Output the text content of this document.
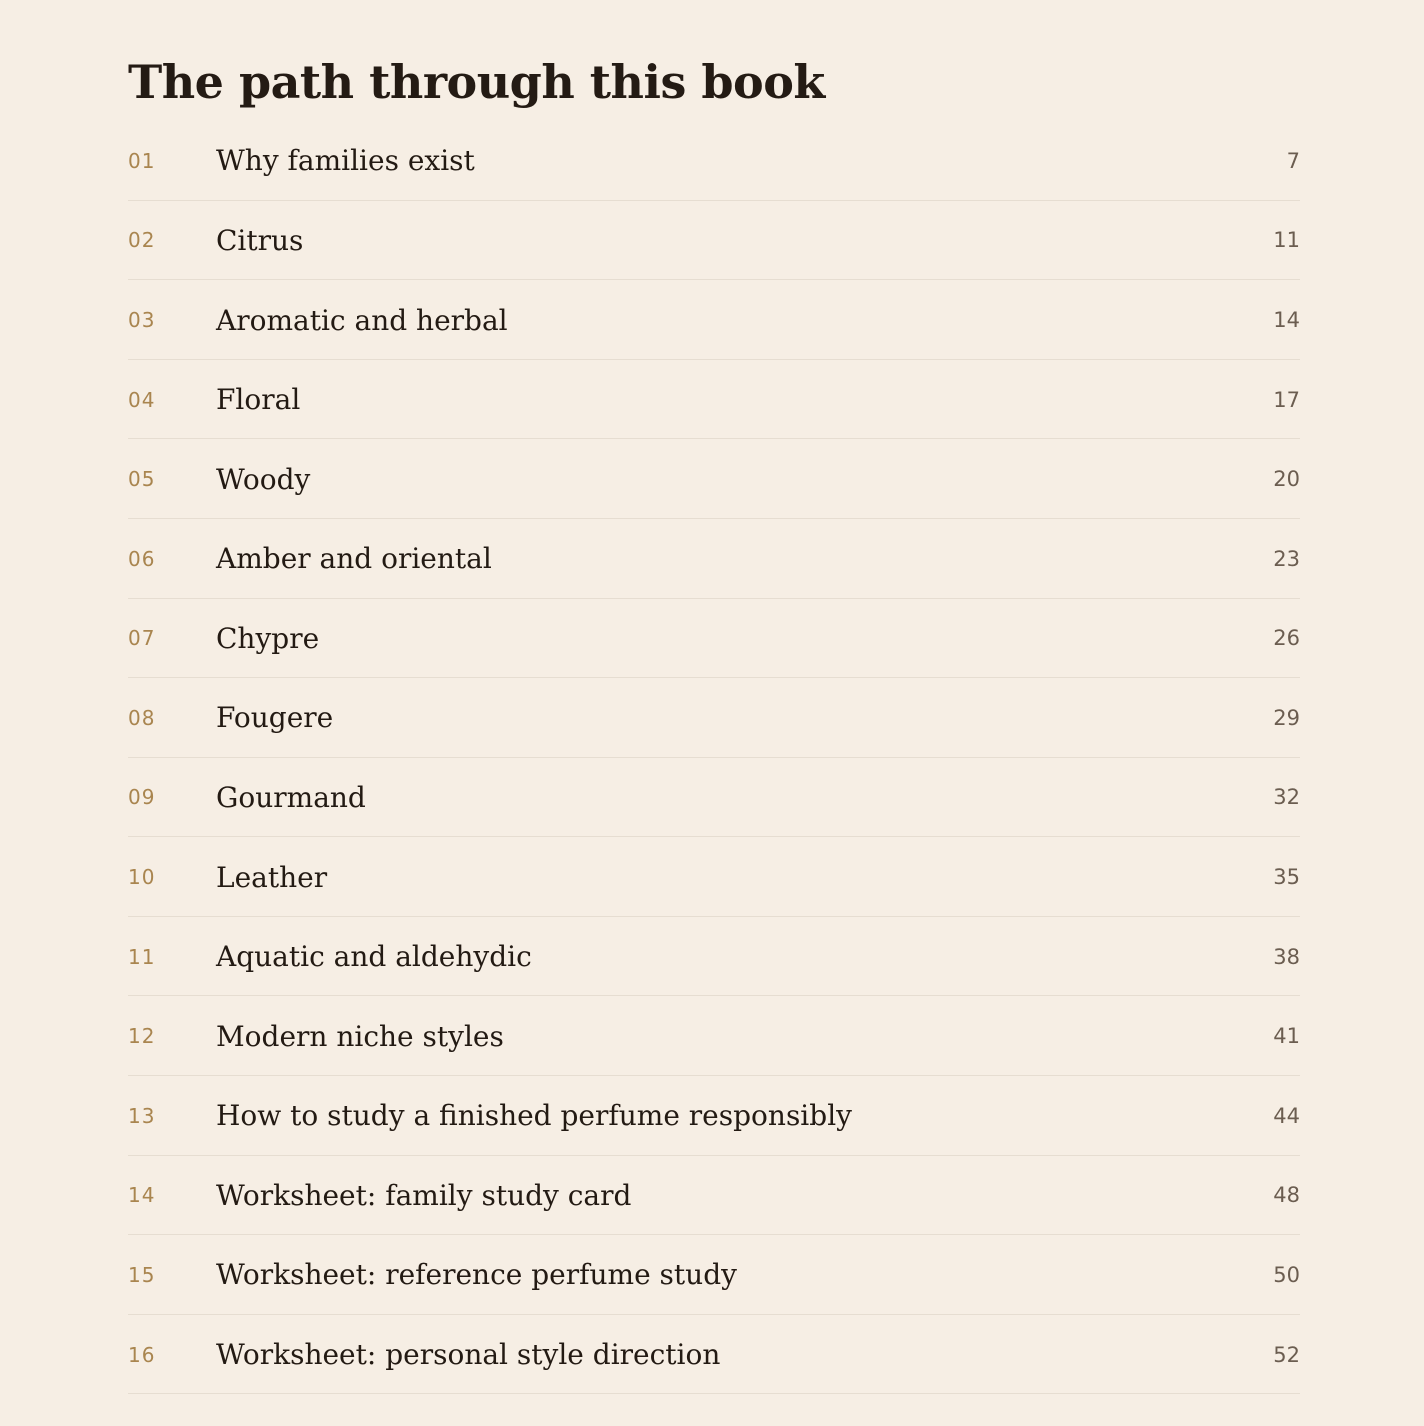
The path through this book
01	Why families exist	7
02	Citrus	11
03	Aromatic and herbal	14
04	Floral	17
05	Woody	20
06	Amber and oriental	23
07	Chypre	26
08	Fougere	29
09	Gourmand	32
10	Leather	35
11	Aquatic and aldehydic	38
12	Modern niche styles	41
13	How to study a finished perfume responsibly	44
14	Worksheet: family study card	48
15	Worksheet: reference perfume study	50
16	Worksheet: personal style direction	52
